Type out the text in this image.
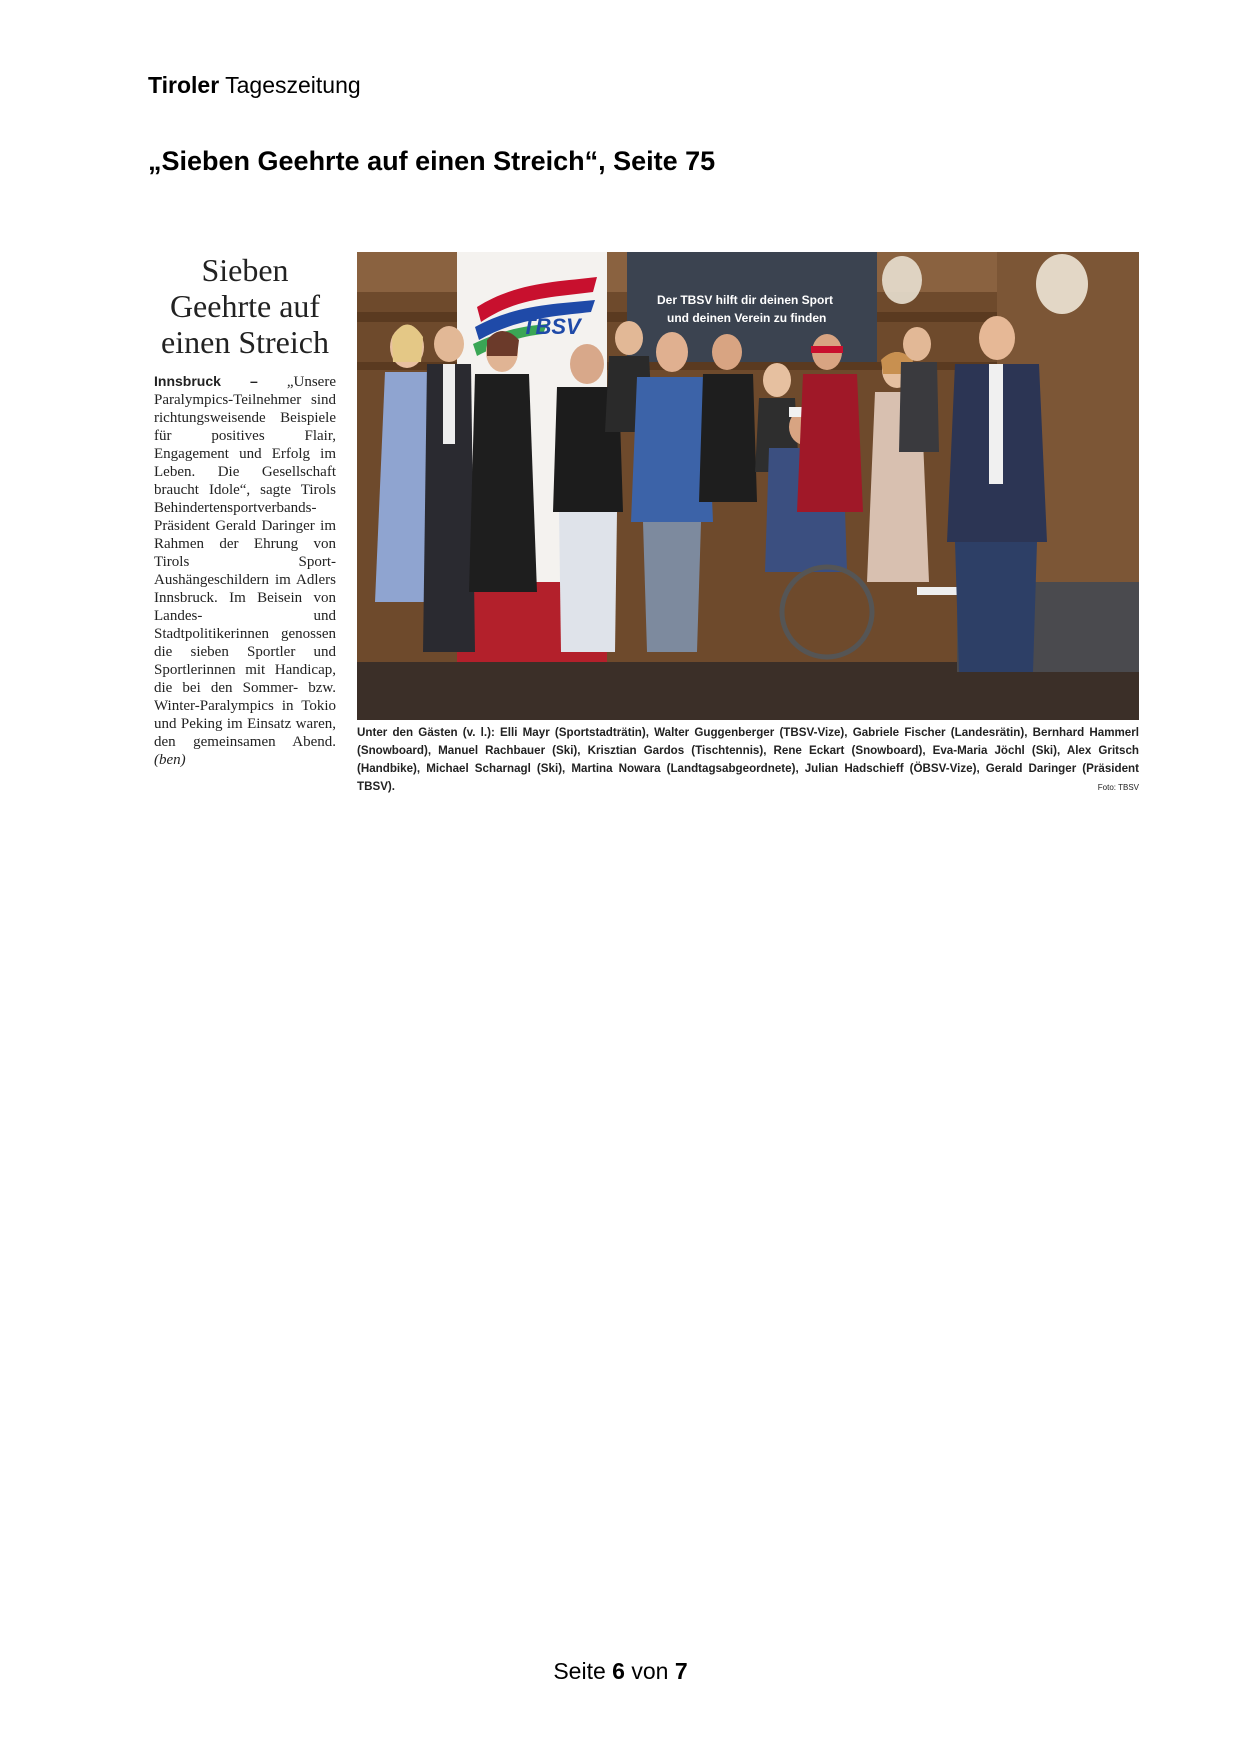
Tiroler Tageszeitung
„Sieben Geehrte auf einen Streich“, Seite 75
Sieben
Geehrte auf
einen Streich
Innsbruck – „Unsere Paralympics-Teilnehmer sind richtungsweisende Beispiele für positives Flair, Engagement und Erfolg im Leben. Die Gesellschaft braucht Idole“, sagte Tirols Behindertensportverbands-Präsident Gerald Daringer im Rahmen der Ehrung von Tirols Sport-Aushängeschildern im Adlers Innsbruck. Im Beisein von Landes- und Stadtpolitikerinnen genossen die sieben Sportler und Sportlerinnen mit Handicap, die bei den Sommer- bzw. Winter-Paralympics in Tokio und Peking im Einsatz waren, den gemeinsamen Abend. (ben)
TBSV
Der TBSV hilft dir deinen Sport
und deinen Verein zu finden
Unter den Gästen (v. l.): Elli Mayr (Sportstadträtin), Walter Guggenberger (TBSV-Vize), Gabriele Fischer (Landesrätin), Bernhard Hammerl (Snowboard), Manuel Rachbauer (Ski), Krisztian Gardos (Tischtennis), Rene Eckart (Snowboard), Eva-Maria Jöchl (Ski), Alex Gritsch (Handbike), Michael Scharnagl (Ski), Martina Nowara (Landtagsabgeordnete), Julian Hadschieff (ÖBSV-Vize), Gerald Daringer (Präsident TBSV).	Foto: TBSV
Seite 6 von 7
